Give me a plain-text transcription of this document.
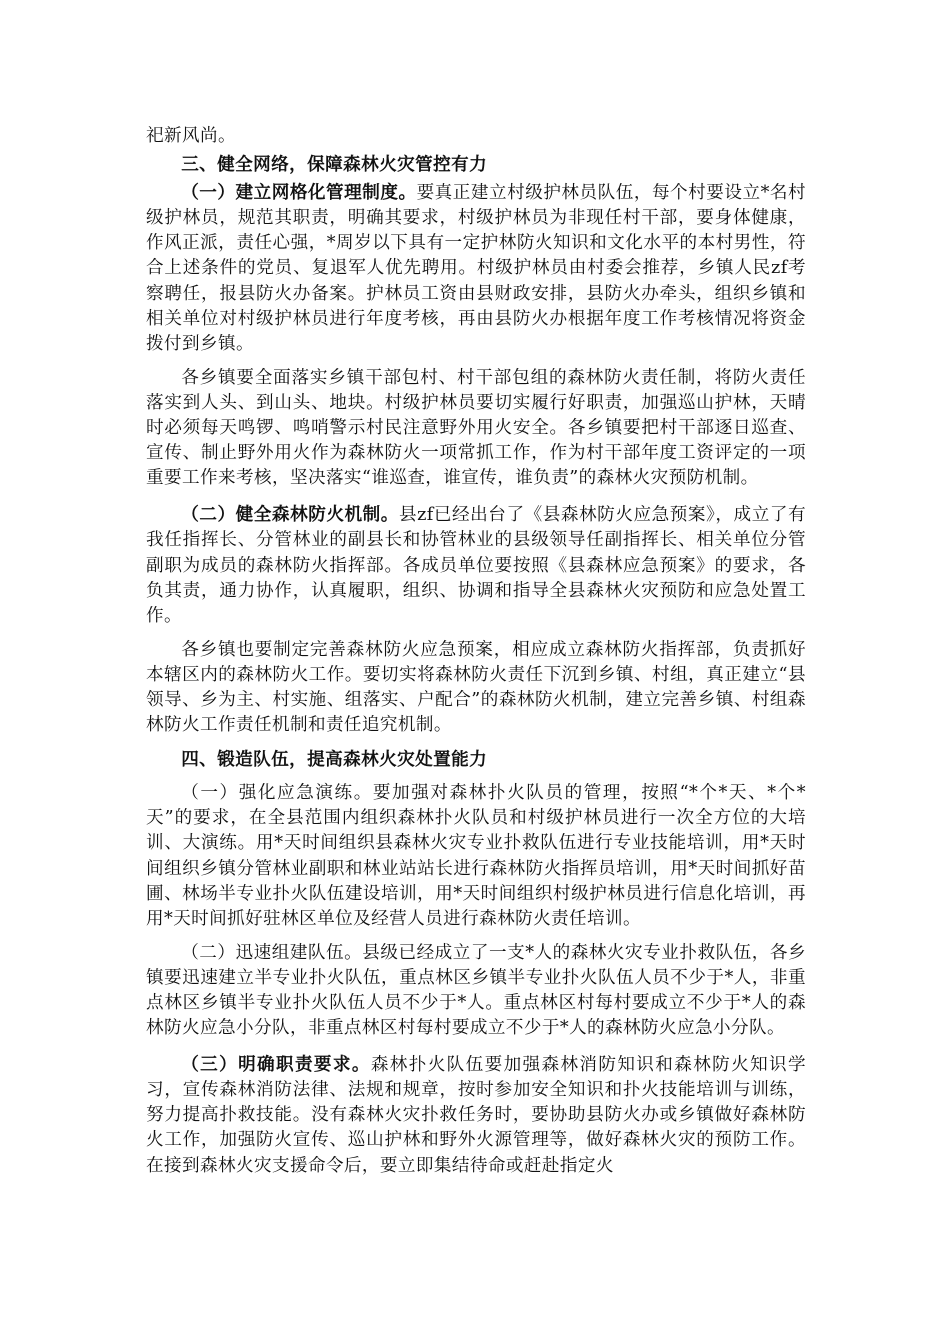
祀新风尚。

三、健全网络，保障森林火灾管控有力

（一）建立网格化管理制度。要真正建立村级护林员队伍，每个村要设立*名村级护林员，规范其职责，明确其要求，村级护林员为非现任村干部，要身体健康，作风正派，责任心强，*周岁以下具有一定护林防火知识和文化水平的本村男性，符合上述条件的党员、复退军人优先聘用。村级护林员由村委会推荐，乡镇人民zf考察聘任，报县防火办备案。护林员工资由县财政安排，县防火办牵头，组织乡镇和相关单位对村级护林员进行年度考核，再由县防火办根据年度工作考核情况将资金拨付到乡镇。

各乡镇要全面落实乡镇干部包村、村干部包组的森林防火责任制，将防火责任落实到人头、到山头、地块。村级护林员要切实履行好职责，加强巡山护林，天晴时必须每天鸣锣、鸣哨警示村民注意野外用火安全。各乡镇要把村干部逐日巡查、宣传、制止野外用火作为森林防火一项常抓工作，作为村干部年度工资评定的一项重要工作来考核，坚决落实“谁巡查，谁宣传，谁负责”的森林火灾预防机制。

（二）健全森林防火机制。县zf已经出台了《县森林防火应急预案》，成立了有我任指挥长、分管林业的副县长和协管林业的县级领导任副指挥长、相关单位分管副职为成员的森林防火指挥部。各成员单位要按照《县森林应急预案》的要求，各负其责，通力协作，认真履职，组织、协调和指导全县森林火灾预防和应急处置工作。

各乡镇也要制定完善森林防火应急预案，相应成立森林防火指挥部，负责抓好本辖区内的森林防火工作。要切实将森林防火责任下沉到乡镇、村组，真正建立“县领导、乡为主、村实施、组落实、户配合”的森林防火机制，建立完善乡镇、村组森林防火工作责任机制和责任追究机制。

四、锻造队伍，提高森林火灾处置能力

（一）强化应急演练。要加强对森林扑火队员的管理，按照“*个*天、*个*天”的要求，在全县范围内组织森林扑火队员和村级护林员进行一次全方位的大培训、大演练。用*天时间组织县森林火灾专业扑救队伍进行专业技能培训，用*天时间组织乡镇分管林业副职和林业站站长进行森林防火指挥员培训，用*天时间抓好苗圃、林场半专业扑火队伍建设培训，用*天时间组织村级护林员进行信息化培训，再用*天时间抓好驻林区单位及经营人员进行森林防火责任培训。

（二）迅速组建队伍。县级已经成立了一支*人的森林火灾专业扑救队伍，各乡镇要迅速建立半专业扑火队伍，重点林区乡镇半专业扑火队伍人员不少于*人，非重点林区乡镇半专业扑火队伍人员不少于*人。重点林区村每村要成立不少于*人的森林防火应急小分队，非重点林区村每村要成立不少于*人的森林防火应急小分队。

（三）明确职责要求。森林扑火队伍要加强森林消防知识和森林防火知识学习，宣传森林消防法律、法规和规章，按时参加安全知识和扑火技能培训与训练，努力提高扑救技能。没有森林火灾扑救任务时，要协助县防火办或乡镇做好森林防火工作，加强防火宣传、巡山护林和野外火源管理等，做好森林火灾的预防工作。在接到森林火灾支援命令后，要立即集结待命或赶赴指定火
